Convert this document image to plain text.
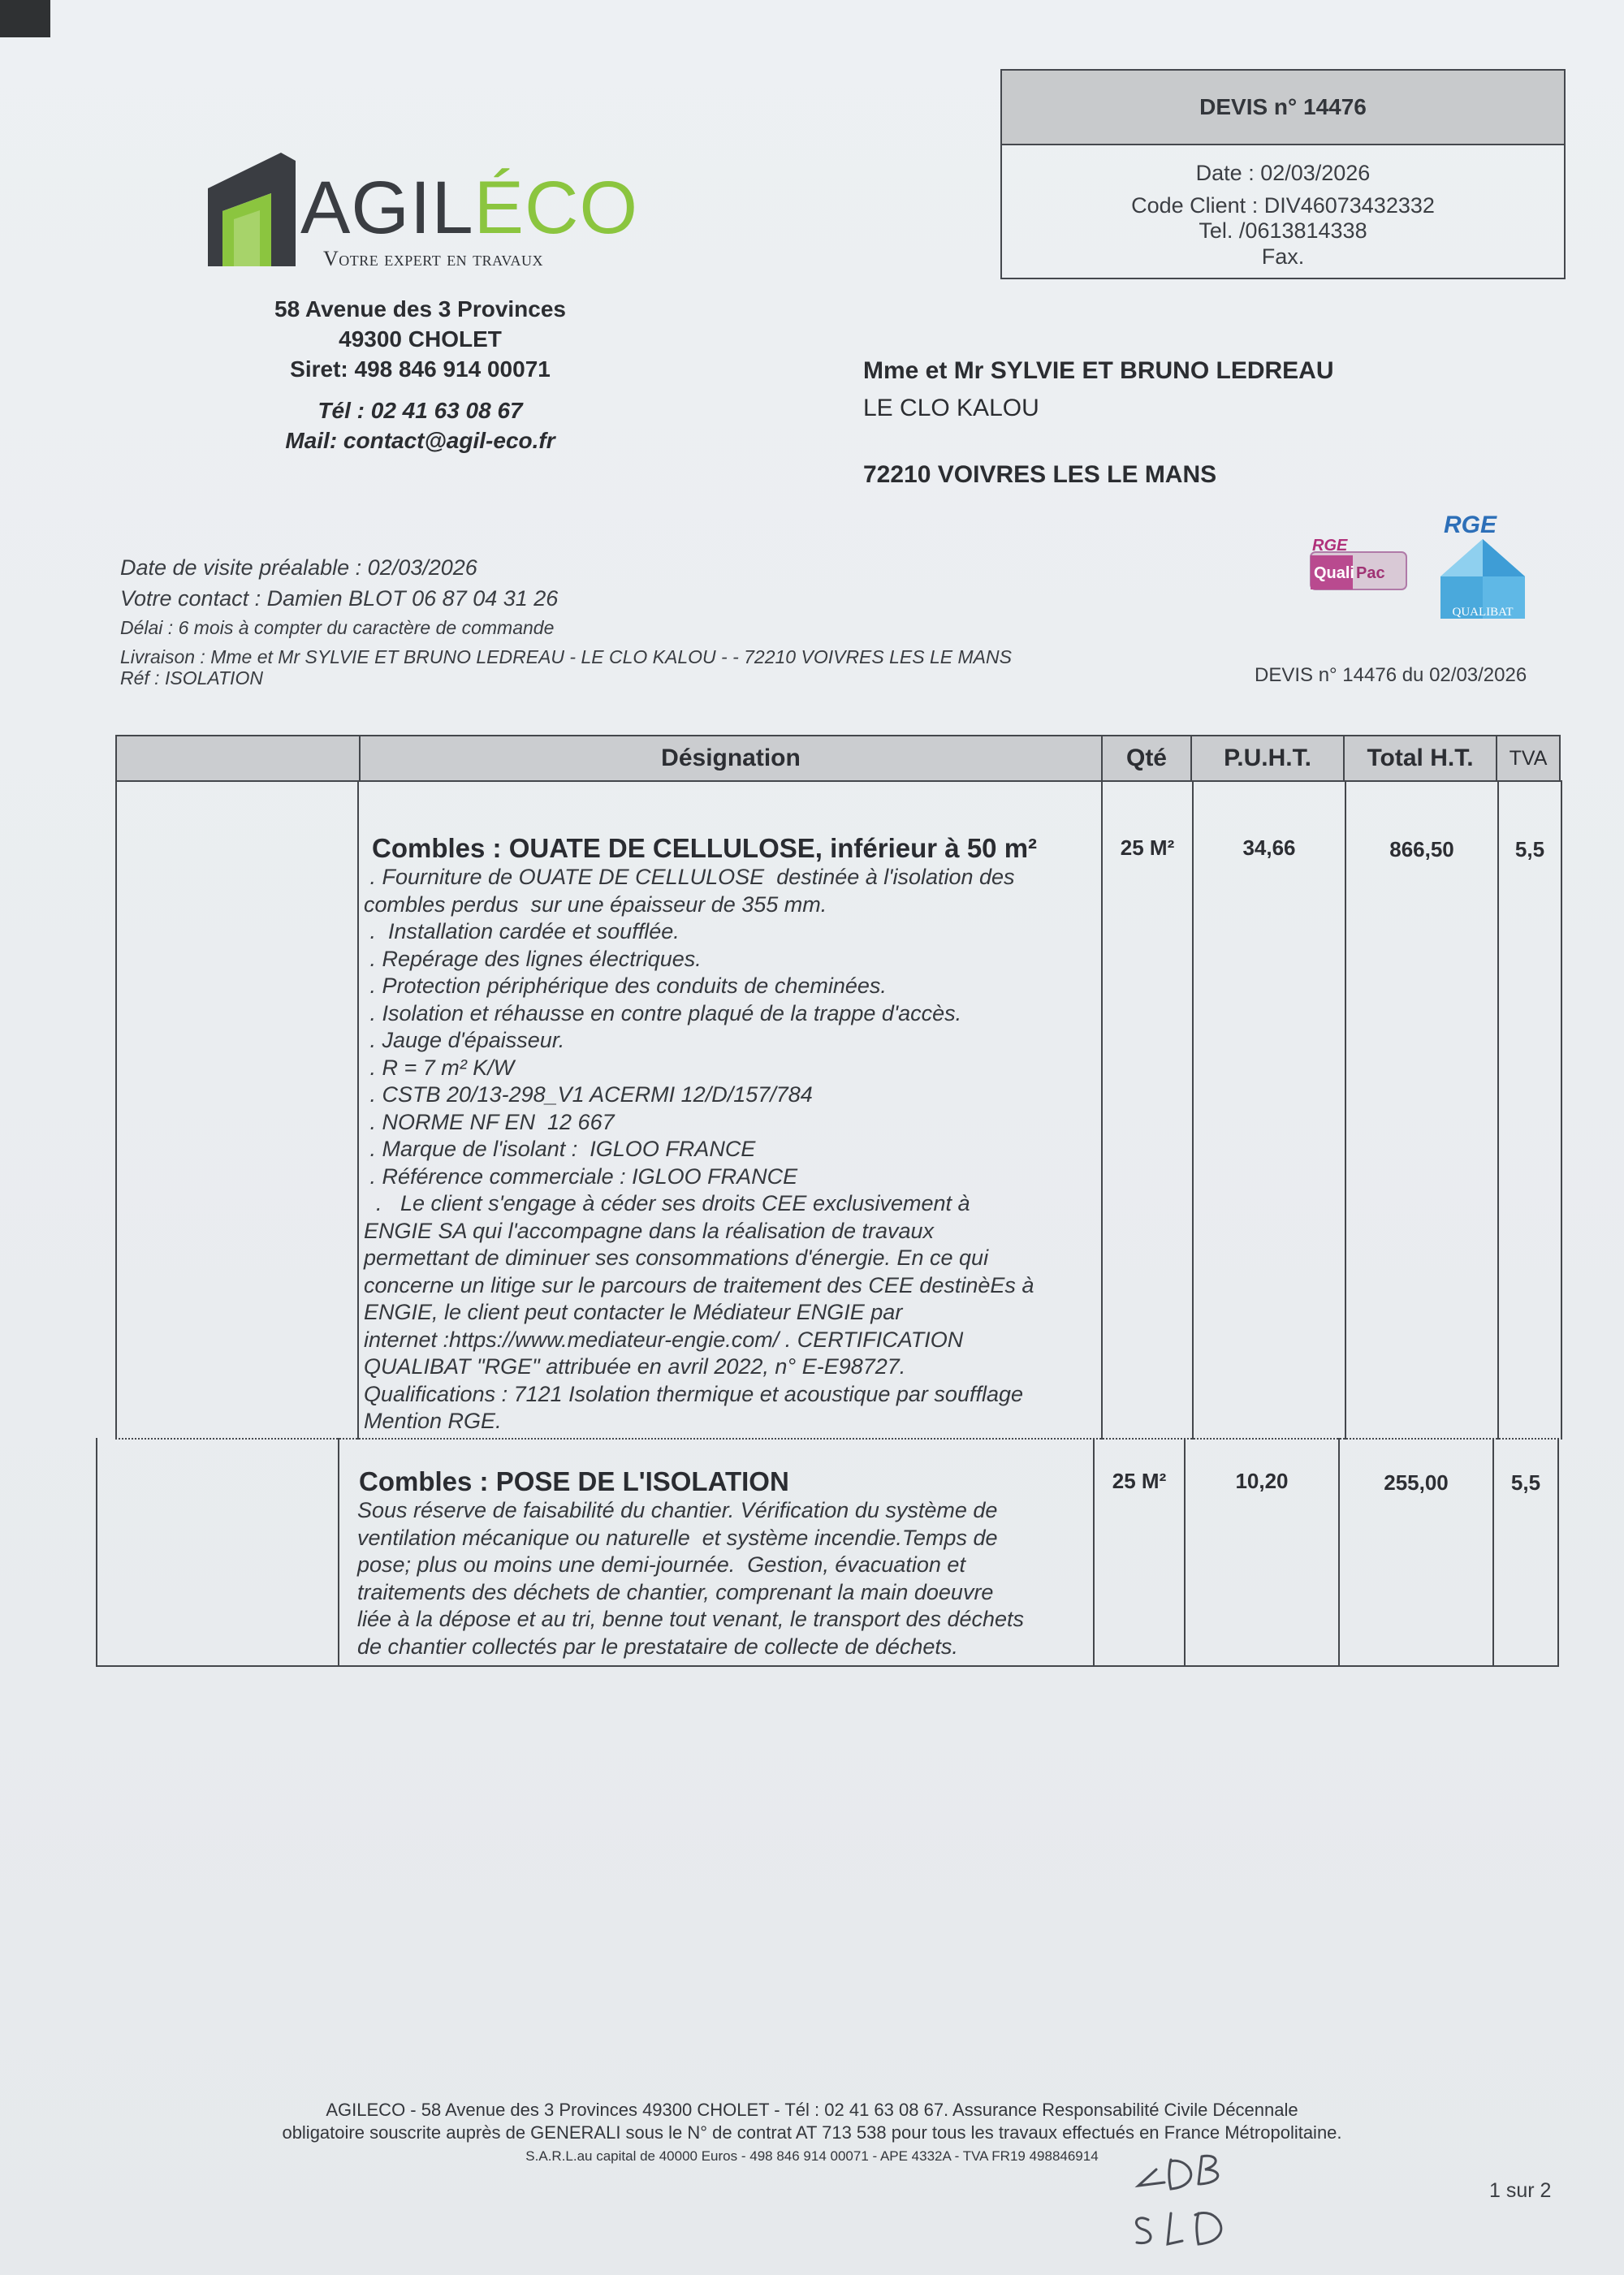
AGILÉCO
Votre expert en travaux
58 Avenue des 3 Provinces
49300 CHOLET
Siret: 498 846 914 00071
Tél : 02 41 63 08 67
Mail: contact@agil-eco.fr
DEVIS n° 14476
Date : 02/03/2026
Code Client : DIV46073432332
Tel. /0613814338
Fax.
Mme et Mr SYLVIE ET BRUNO LEDREAU
LE CLO KALOU
72210 VOIVRES LES LE MANS
RGE
Quali Pac
RGE
QUALIBAT
Date de visite préalable : 02/03/2026
Votre contact : Damien BLOT 06 87 04 31 26
Délai : 6 mois à compter du caractère de commande
Livraison : Mme et Mr SYLVIE ET BRUNO LEDREAU - LE CLO KALOU - - 72210 VOIVRES LES LE MANS
Réf : ISOLATION	DEVIS n° 14476 du 02/03/2026
Désignation	Qté	P.U.H.T.	Total H.T.	TVA
Combles : OUATE DE CELLULOSE, inférieur à 50 m²
. Fourniture de OUATE DE CELLULOSE  destinée à l'isolation des
combles perdus  sur une épaisseur de 355 mm.
.  Installation cardée et soufflée.
. Repérage des lignes électriques.
. Protection périphérique des conduits de cheminées.
. Isolation et réhausse en contre plaqué de la trappe d'accès.
. Jauge d'épaisseur.
. R = 7 m² K/W
. CSTB 20/13-298_V1 ACERMI 12/D/157/784
. NORME NF EN  12 667
. Marque de l'isolant :  IGLOO FRANCE
. Référence commerciale : IGLOO FRANCE
.   Le client s'engage à céder ses droits CEE exclusivement à
ENGIE SA qui l'accompagne dans la réalisation de travaux
permettant de diminuer ses consommations d'énergie. En ce qui
concerne un litige sur le parcours de traitement des CEE destinèEs à
ENGIE, le client peut contacter le Médiateur ENGIE par
internet :https://www.mediateur-engie.com/ . CERTIFICATION
QUALIBAT "RGE" attribuée en avril 2022, n° E-E98727.
Qualifications : 7121 Isolation thermique et acoustique par soufflage
Mention RGE.
25 M²	34,66	866,50	5,5
Combles : POSE DE L'ISOLATION
Sous réserve de faisabilité du chantier. Vérification du système de
ventilation mécanique ou naturelle  et système incendie.Temps de
pose; plus ou moins une demi-journée.  Gestion, évacuation et
traitements des déchets de chantier, comprenant la main doeuvre
liée à la dépose et au tri, benne tout venant, le transport des déchets
de chantier collectés par le prestataire de collecte de déchets.
25 M²	10,20	255,00	5,5
AGILECO - 58 Avenue des 3 Provinces 49300 CHOLET - Tél : 02 41 63 08 67. Assurance Responsabilité Civile Décennale
obligatoire souscrite auprès de GENERALI sous le N° de contrat AT 713 538 pour tous les travaux effectués en France Métropolitaine.
S.A.R.L.au capital de 40000 Euros - 498 846 914 00071 - APE 4332A - TVA FR19 498846914
1 sur 2
